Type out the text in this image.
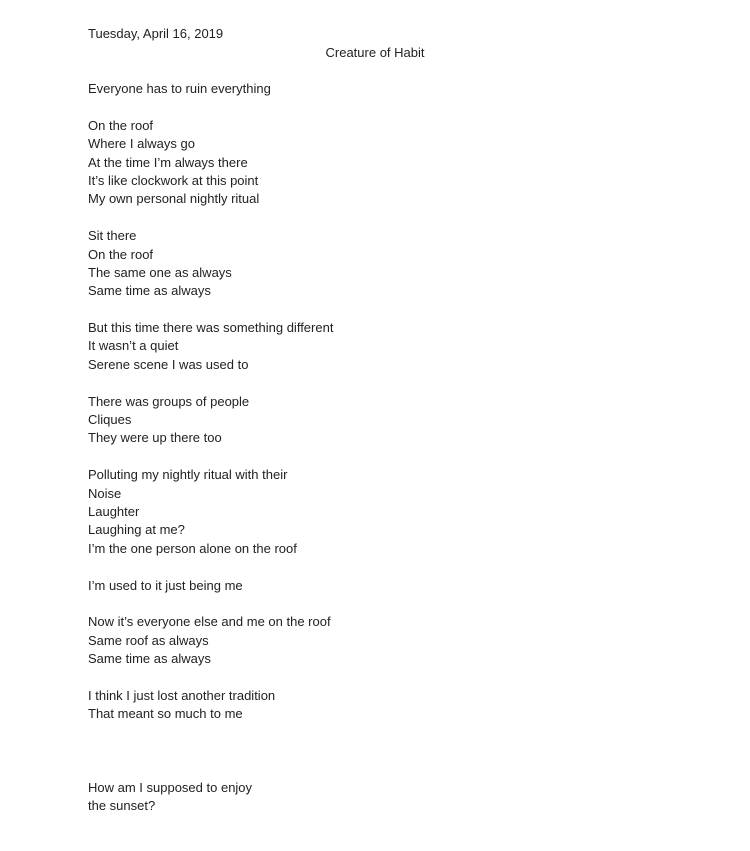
Tuesday, April 16, 2019
Creature of Habit
Everyone has to ruin everything
On the roof
Where I always go
At the time I’m always there
It’s like clockwork at this point
My own personal nightly ritual
Sit there
On the roof
The same one as always
Same time as always
But this time there was something different
It wasn’t a quiet
Serene scene I was used to
There was groups of people
Cliques
They were up there too
Polluting my nightly ritual with their
Noise
Laughter
Laughing at me?
I’m the one person alone on the roof
I’m used to it just being me
Now it’s everyone else and me on the roof
Same roof as always
Same time as always
I think I just lost another tradition
That meant so much to me
How am I supposed to enjoy
the sunset?
